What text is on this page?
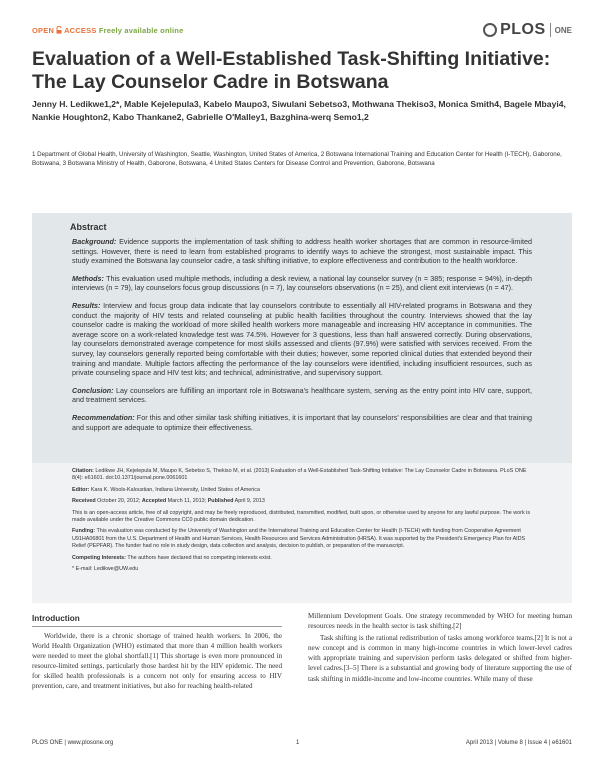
OPEN ACCESS Freely available online	PLOS ONE
Evaluation of a Well-Established Task-Shifting Initiative:
The Lay Counselor Cadre in Botswana
Jenny H. Ledikwe1,2*, Mable Kejelepula3, Kabelo Maupo3, Siwulani Sebetso3, Mothwana Thekiso3, Monica Smith4, Bagele Mbayi4, Nankie Houghton2, Kabo Thankane2, Gabrielle O'Malley1, Bazghina-werq Semo1,2
1 Department of Global Health, University of Washington, Seattle, Washington, United States of America, 2 Botswana International Training and Education Center for Health (I-TECH), Gaborone, Botswana, 3 Botswana Ministry of Health, Gaborone, Botswana, 4 United States Centers for Disease Control and Prevention, Gaborone, Botswana
Abstract

Background: Evidence supports the implementation of task shifting to address health worker shortages that are common in resource-limited settings. However, there is need to learn from established programs to identify ways to achieve the strongest, most sustainable impact. This study examined the Botswana lay counselor cadre, a task shifting initiative, to explore effectiveness and contribution to the health workforce.

Methods: This evaluation used multiple methods, including a desk review, a national lay counselor survey (n = 385; response = 94%), in-depth interviews (n = 79), lay counselors focus group discussions (n = 7), lay counselors observations (n = 25), and client exit interviews (n = 47).

Results: Interview and focus group data indicate that lay counselors contribute to essentially all HIV-related programs in Botswana and they conduct the majority of HIV tests and related counseling at public health facilities throughout the country. Interviews showed that the lay counselor cadre is making the workload of more skilled health workers more manageable and increasing HIV acceptance in communities. The average score on a work-related knowledge test was 74.5%. However for 3 questions, less than half answered correctly. During observations, lay counselors demonstrated average competence for most skills assessed and clients (97.9%) were satisfied with services received. From the survey, lay counselors generally reported being comfortable with their duties; however, some reported clinical duties that extended beyond their training and mandate. Multiple factors affecting the performance of the lay counselors were identified, including insufficient resources, such as private counseling space and HIV test kits; and technical, administrative, and supervisory support.

Conclusion: Lay counselors are fulfilling an important role in Botswana's healthcare system, serving as the entry point into HIV care, support, and treatment services.

Recommendation: For this and other similar task shifting initiatives, it is important that lay counselors' responsibilities are clear and that training and support are adequate to optimize their effectiveness.

Citation: Ledikwe JH, Kejelepula M, Maupo K, Sebetso S, Thekiso M, et al. (2013) Evaluation of a Well-Established Task-Shifting Initiative: The Lay Counselor Cadre in Botswana. PLoS ONE 8(4): e61601. doi:10.1371/journal.pone.0061601

Editor: Kara K. Wools-Kaloustian, Indiana University, United States of America

Received October 20, 2012; Accepted March 11, 2013; Published April 9, 2013

This is an open-access article, free of all copyright, and may be freely reproduced, distributed, transmitted, modified, built upon, or otherwise used by anyone for any lawful purpose. The work is made available under the Creative Commons CC0 public domain dedication.

Funding: This evaluation was conducted by the University of Washington and the International Training and Education Center for Health (I-TECH) with funding from Cooperative Agreement U91HA06801 from the U.S. Department of Health and Human Services, Health Resources and Services Administration (HRSA). It was supported by the President's Emergency Plan for AIDS Relief (PEPFAR). The funder had no role in study design, data collection and analysis, decision to publish, or preparation of the manuscript.

Competing Interests: The authors have declared that no competing interests exist.

* E-mail: Ledikwe@UW.edu

Introduction

Worldwide, there is a chronic shortage of trained health workers. In 2006, the World Health Organization (WHO) estimated that more than 4 million health workers were needed to meet the global shortfall.[1] This shortage is even more pronounced in resource-limited settings, particularly those hardest hit by the HIV epidemic. The need for skilled health professionals is a concern not only for ensuring access to HIV prevention, care, and treatment initiatives, but also for reaching health-related

Millennium Development Goals. One strategy recommended by WHO for meeting human resources needs in the health sector is task shifting.[2]

Task shifting is the rational redistribution of tasks among workforce teams.[2] It is not a new concept and is common in many high-income countries in which lower-level cadres with appropriate training and supervision perform tasks delegated or shifted from higher-level cadres.[3–5] There is a substantial and growing body of literature supporting the use of task shifting in middle-income and low-income countries. While many of these

PLOS ONE | www.plosone.org	1	April 2013 | Volume 8 | Issue 4 | e61601
